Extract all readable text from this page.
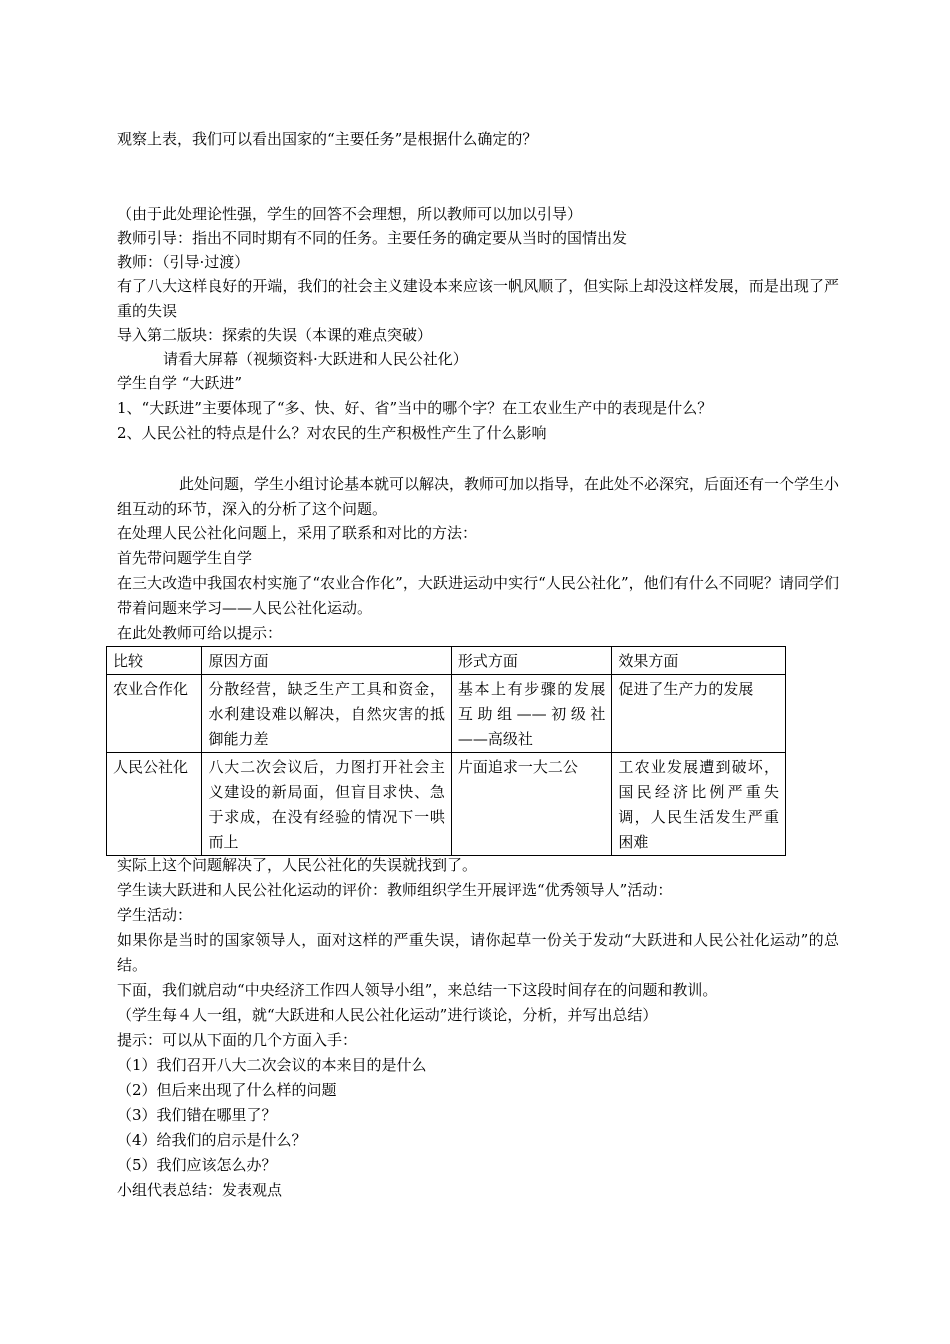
观察上表，我们可以看出国家的“主要任务”是根据什么确定的？
（由于此处理论性强，学生的回答不会理想，所以教师可以加以引导）
教师引导：指出不同时期有不同的任务。主要任务的确定要从当时的国情出发
教师：（引导·过渡）
有了八大这样良好的开端，我们的社会主义建设本来应该一帆风顺了，但实际上却没这样发展，而是出现了严重的失误
导入第二版块：探索的失误（本课的难点突破）
请看大屏幕（视频资料·大跃进和人民公社化）
学生自学 “大跃进”
1、“大跃进”主要体现了“多、快、好、省”当中的哪个字？在工农业生产中的表现是什么？
2、人民公社的特点是什么？对农民的生产积极性产生了什么影响
此处问题，学生小组讨论基本就可以解决，教师可加以指导，在此处不必深究，后面还有一个学生小组互动的环节，深入的分析了这个问题。
在处理人民公社化问题上，采用了联系和对比的方法：
首先带问题学生自学
在三大改造中我国农村实施了“农业合作化”，大跃进运动中实行“人民公社化”，他们有什么不同呢？请同学们带着问题来学习——人民公社化运动。
在此处教师可给以提示：
比较	原因方面	形式方面	效果方面
农业合作化	分散经营，缺乏生产工具和资金，水利建设难以解决，自然灾害的抵御能力差	基本上有步骤的发展互助组——初级社——高级社	促进了生产力的发展
人民公社化	八大二次会议后，力图打开社会主义建设的新局面，但盲目求快、急于求成，在没有经验的情况下一哄而上	片面追求一大二公	工农业发展遭到破坏，国民经济比例严重失调，人民生活发生严重困难
实际上这个问题解决了，人民公社化的失误就找到了。
学生读大跃进和人民公社化运动的评价：教师组织学生开展评选“优秀领导人”活动：
学生活动：
如果你是当时的国家领导人，面对这样的严重失误，请你起草一份关于发动“大跃进和人民公社化运动”的总结。
下面，我们就启动“中央经济工作四人领导小组”，来总结一下这段时间存在的问题和教训。
（学生每４人一组，就“大跃进和人民公社化运动”进行谈论，分析，并写出总结）
提示：可以从下面的几个方面入手：
（1）我们召开八大二次会议的本来目的是什么
（2）但后来出现了什么样的问题
（3）我们错在哪里了？
（4）给我们的启示是什么？
（5）我们应该怎么办？
小组代表总结：发表观点
